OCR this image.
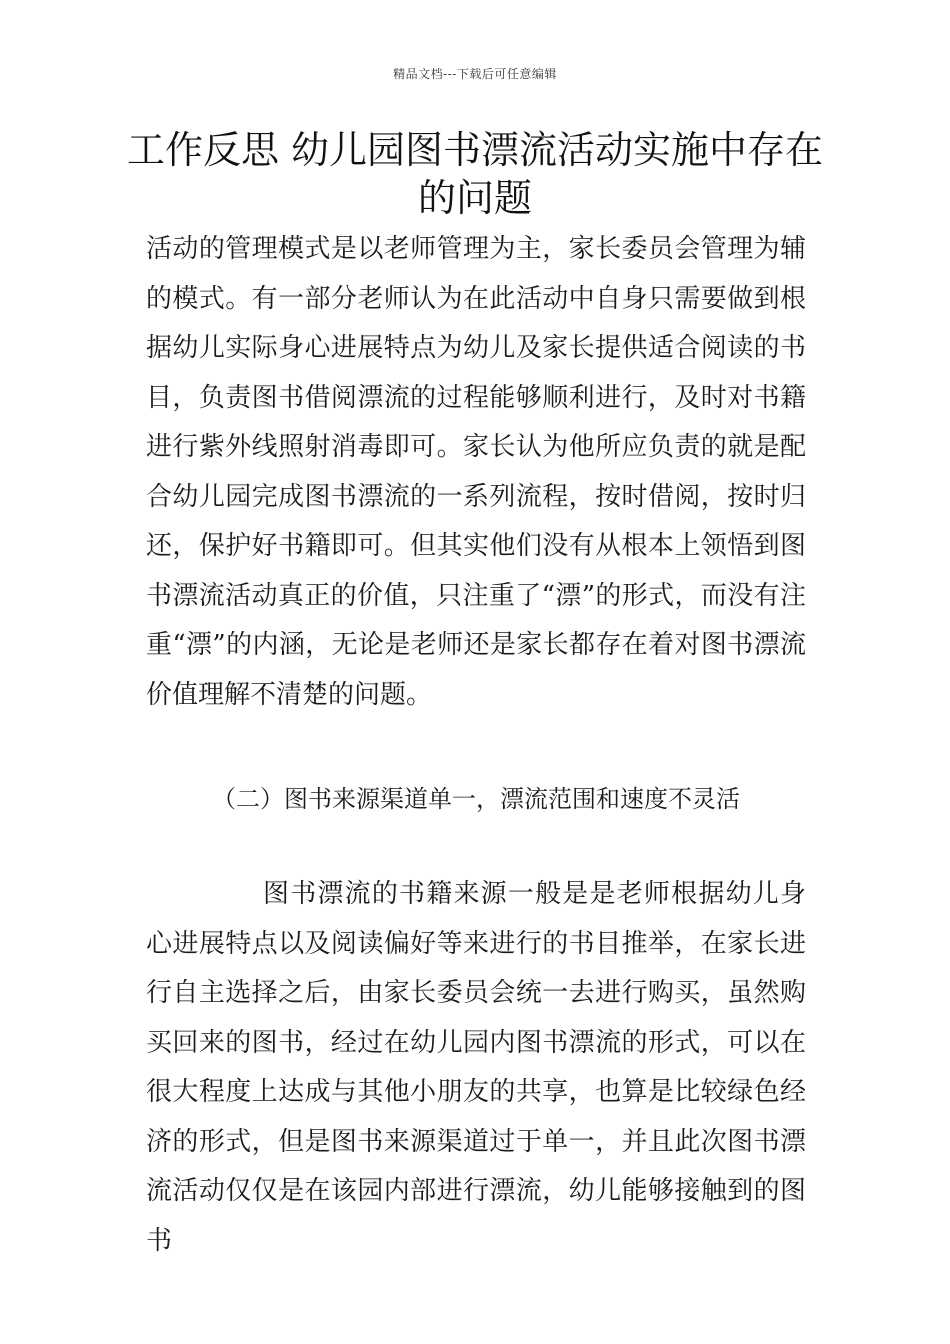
精品文档---下载后可任意编辑
工作反思 幼儿园图书漂流活动实施中存在的问题

活动的管理模式是以老师管理为主，家长委员会管理为辅的模式。有一部分老师认为在此活动中自身只需要做到根据幼儿实际身心进展特点为幼儿及家长提供适合阅读的书目，负责图书借阅漂流的过程能够顺利进行，及时对书籍进行紫外线照射消毒即可。家长认为他所应负责的就是配合幼儿园完成图书漂流的一系列流程，按时借阅，按时归还，保护好书籍即可。但其实他们没有从根本上领悟到图书漂流活动真正的价值，只注重了“漂”的形式，而没有注重“漂”的内涵，无论是老师还是家长都存在着对图书漂流价值理解不清楚的问题。

（二）图书来源渠道单一，漂流范围和速度不灵活

图书漂流的书籍来源一般是是老师根据幼儿身心进展特点以及阅读偏好等来进行的书目推举，在家长进行自主选择之后，由家长委员会统一去进行购买，虽然购买回来的图书，经过在幼儿园内图书漂流的形式，可以在很大程度上达成与其他小朋友的共享，也算是比较绿色经济的形式，但是图书来源渠道过于单一，并且此次图书漂流活动仅仅是在该园内部进行漂流，幼儿能够接触到的图书
